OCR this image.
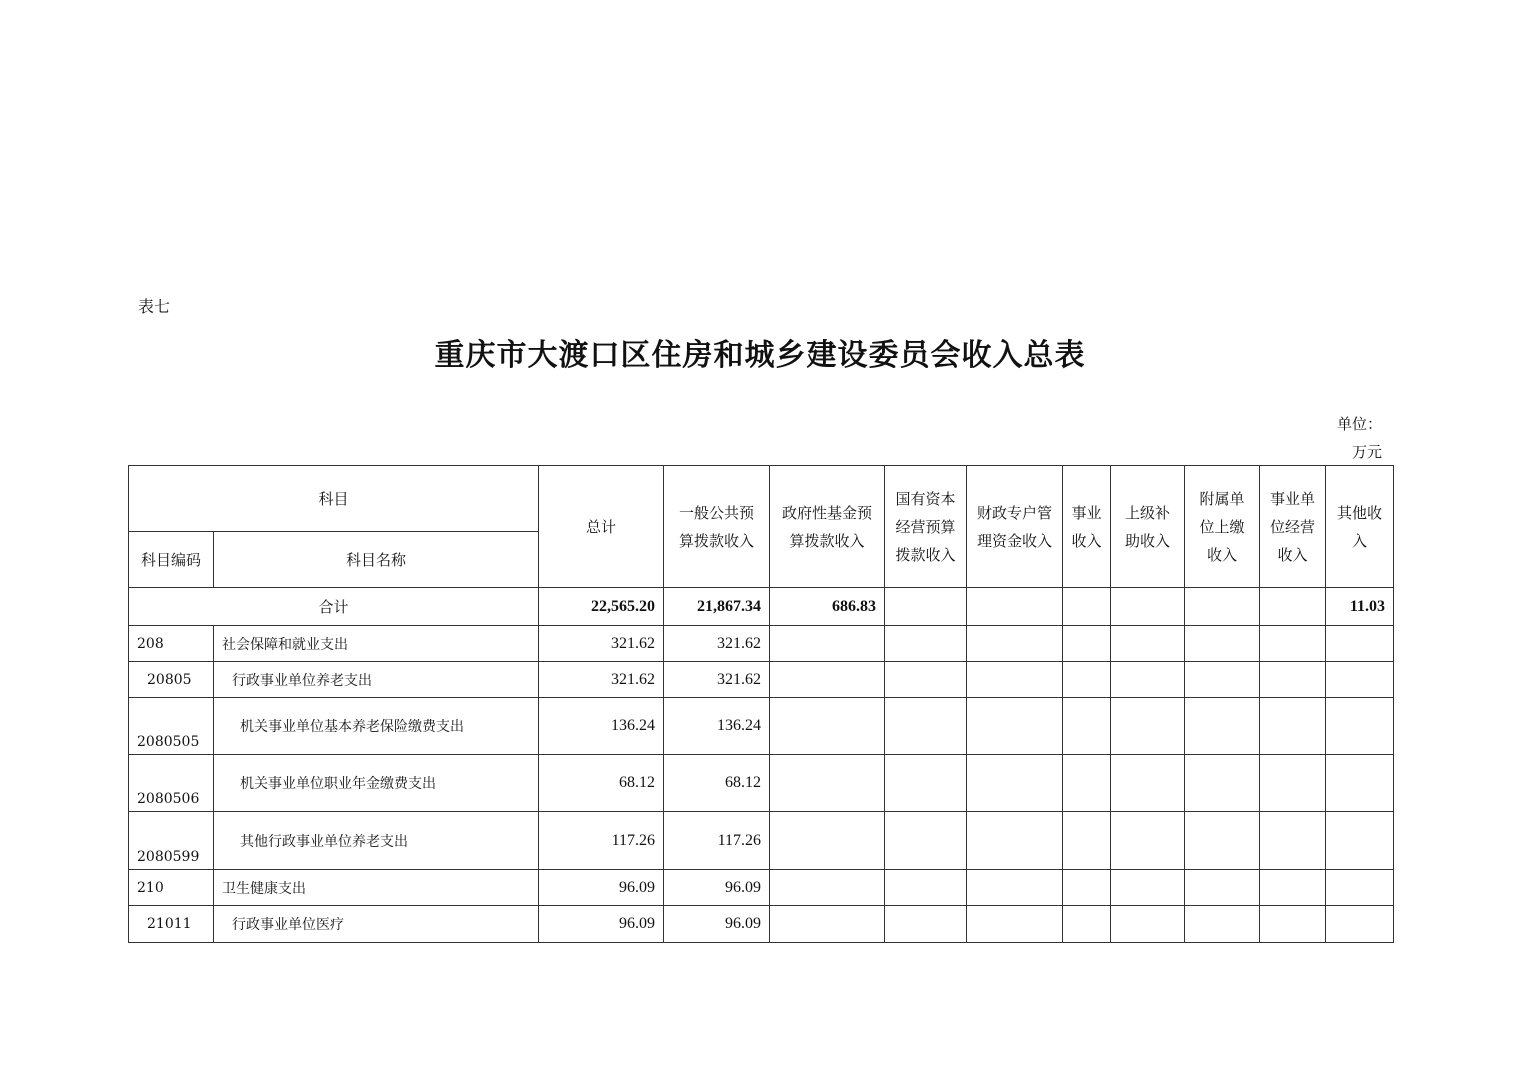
表七
重庆市大渡口区住房和城乡建设委员会收入总表
单位：
万元
科目		总计	一般公共预算拨款收入	政府性基金预算拨款收入	国有资本经营预算拨款收入	财政专户管理资金收入	事业收入	上级补助收入	附属单位上缴收入	事业单位经营收入	其他收入
科目编码	科目名称										
合计		22,565.20	21,867.34	686.83							11.03
208	社会保障和就业支出	321.62	321.62								
20805	行政事业单位养老支出	321.62	321.62								
2080505	机关事业单位基本养老保险缴费支出	136.24	136.24								
2080506	机关事业单位职业年金缴费支出	68.12	68.12								
2080599	其他行政事业单位养老支出	117.26	117.26								
210	卫生健康支出	96.09	96.09								
21011	行政事业单位医疗	96.09	96.09								
